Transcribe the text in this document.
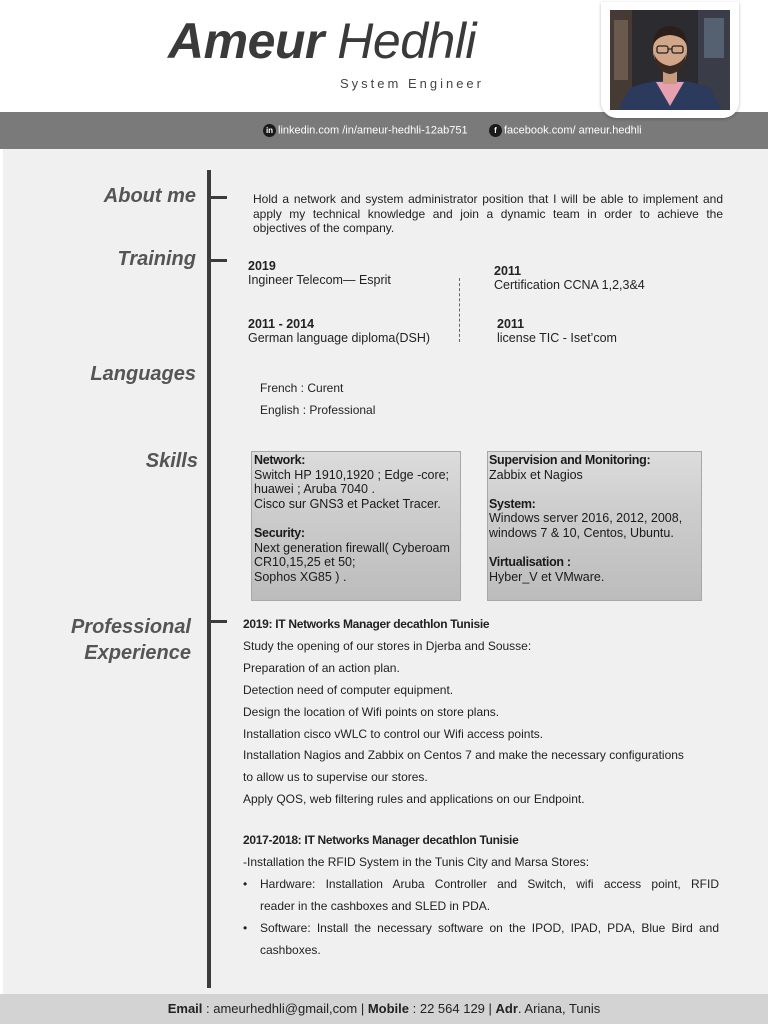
Ameur Hedhli
System Engineer
in linkedin.com /in/ameur-hedhli-12ab751	f facebook.com/ ameur.hedhli
About me
Training
Languages
Skills
Professional
Experience
Hold a network and system administrator position that I will be able to implement and apply my technical knowledge and join a dynamic team in order to achieve the objectives of the company.
2019
Ingineer Telecom— Esprit
2011
Certification CCNA 1,2,3&4
2011 - 2014
German language diploma(DSH)
2011
license TIC - Iset’com
French : Curent
English : Professional
Network:
Switch HP 1910,1920 ; Edge -core;
huawei ; Aruba 7040 .
Cisco sur GNS3 et Packet Tracer.
Security:
Next generation firewall( Cyberoam
CR10,15,25 et 50;
Sophos XG85 ) .
Supervision and Monitoring:
Zabbix et Nagios
System:
Windows server 2016, 2012, 2008,
windows 7 & 10, Centos, Ubuntu.
Virtualisation :
Hyber_V et VMware.
2019: IT Networks Manager decathlon Tunisie
Study the opening of our stores in Djerba and Sousse:
Preparation of an action plan.
Detection need of computer equipment.
Design the location of Wifi points on store plans.
Installation cisco vWLC to control our Wifi access points.
Installation Nagios and Zabbix on Centos 7 and make the necessary configurations
to allow us to supervise our stores.
Apply QOS, web filtering rules and applications on our Endpoint.
2017-2018: IT Networks Manager decathlon Tunisie
-Installation the RFID System in the Tunis City and Marsa Stores:
• Hardware: Installation Aruba Controller and Switch, wifi access point, RFID
reader in the cashboxes and SLED in PDA.
• Software: Install the necessary software on the IPOD, IPAD, PDA, Blue Bird and
cashboxes.
Email : ameurhedhli@gmail,com | Mobile : 22 564 129 | Adr. Ariana, Tunis
